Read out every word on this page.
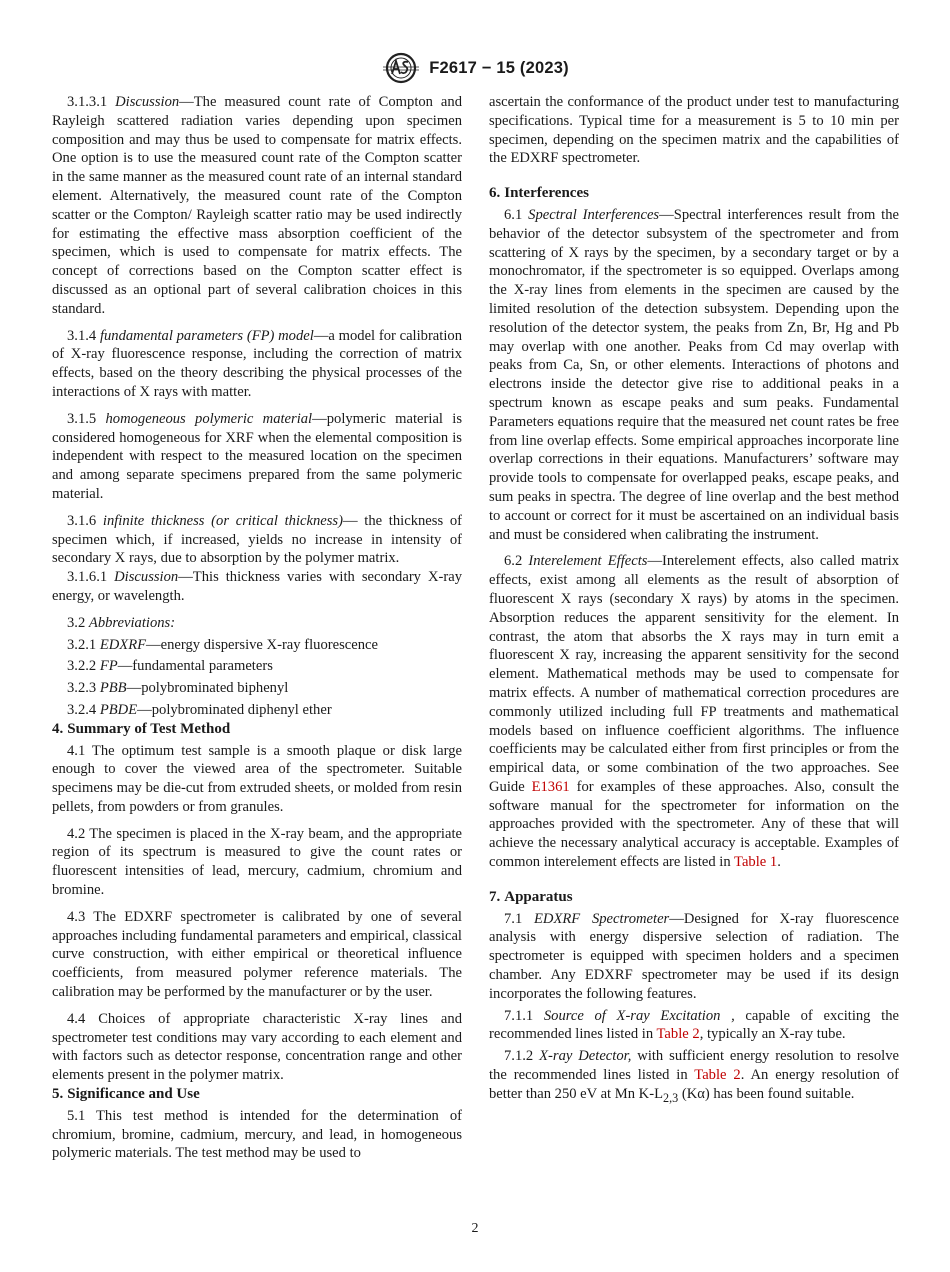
F2617 − 15 (2023)

3.1.3.1 Discussion—The measured count rate of Compton and Rayleigh scattered radiation varies depending upon specimen composition and may thus be used to compensate for matrix effects. One option is to use the measured count rate of the Compton scatter in the same manner as the measured count rate of an internal standard element. Alternatively, the measured count rate of the Compton scatter or the Compton/ Rayleigh scatter ratio may be used indirectly for estimating the effective mass absorption coefficient of the specimen, which is used to compensate for matrix effects. The concept of corrections based on the Compton scatter effect is discussed as an optional part of several calibration choices in this standard.

3.1.4 fundamental parameters (FP) model—a model for calibration of X-ray fluorescence response, including the correction of matrix effects, based on the theory describing the physical processes of the interactions of X rays with matter.

3.1.5 homogeneous polymeric material—polymeric material is considered homogeneous for XRF when the elemental composition is independent with respect to the measured location on the specimen and among separate specimens prepared from the same polymeric material.

3.1.6 infinite thickness (or critical thickness)— the thickness of specimen which, if increased, yields no increase in intensity of secondary X rays, due to absorption by the polymer matrix.

3.1.6.1 Discussion—This thickness varies with secondary X-ray energy, or wavelength.

3.2 Abbreviations:

3.2.1 EDXRF—energy dispersive X-ray fluorescence

3.2.2 FP—fundamental parameters

3.2.3 PBB—polybrominated biphenyl

3.2.4 PBDE—polybrominated diphenyl ether

4. Summary of Test Method

4.1 The optimum test sample is a smooth plaque or disk large enough to cover the viewed area of the spectrometer. Suitable specimens may be die-cut from extruded sheets, or molded from resin pellets, from powders or from granules.

4.2 The specimen is placed in the X-ray beam, and the appropriate region of its spectrum is measured to give the count rates or fluorescent intensities of lead, mercury, cadmium, chromium and bromine.

4.3 The EDXRF spectrometer is calibrated by one of several approaches including fundamental parameters and empirical, classical curve construction, with either empirical or theoretical influence coefficients, from measured polymer reference materials. The calibration may be performed by the manufacturer or by the user.

4.4 Choices of appropriate characteristic X-ray lines and spectrometer test conditions may vary according to each element and with factors such as detector response, concentration range and other elements present in the polymer matrix.

5. Significance and Use

5.1 This test method is intended for the determination of chromium, bromine, cadmium, mercury, and lead, in homogeneous polymeric materials. The test method may be used to

ascertain the conformance of the product under test to manufacturing specifications. Typical time for a measurement is 5 to 10 min per specimen, depending on the specimen matrix and the capabilities of the EDXRF spectrometer.

6. Interferences

6.1 Spectral Interferences—Spectral interferences result from the behavior of the detector subsystem of the spectrometer and from scattering of X rays by the specimen, by a secondary target or by a monochromator, if the spectrometer is so equipped. Overlaps among the X-ray lines from elements in the specimen are caused by the limited resolution of the detection subsystem. Depending upon the resolution of the detector system, the peaks from Zn, Br, Hg and Pb may overlap with one another. Peaks from Cd may overlap with peaks from Ca, Sn, or other elements. Interactions of photons and electrons inside the detector give rise to additional peaks in a spectrum known as escape peaks and sum peaks. Fundamental Parameters equations require that the measured net count rates be free from line overlap effects. Some empirical approaches incorporate line overlap corrections in their equations. Manufacturers’ software may provide tools to compensate for overlapped peaks, escape peaks, and sum peaks in spectra. The degree of line overlap and the best method to account or correct for it must be ascertained on an individual basis and must be considered when calibrating the instrument.

6.2 Interelement Effects—Interelement effects, also called matrix effects, exist among all elements as the result of absorption of fluorescent X rays (secondary X rays) by atoms in the specimen. Absorption reduces the apparent sensitivity for the element. In contrast, the atom that absorbs the X rays may in turn emit a fluorescent X ray, increasing the apparent sensitivity for the second element. Mathematical methods may be used to compensate for matrix effects. A number of mathematical correction procedures are commonly utilized including full FP treatments and mathematical models based on influence coefficient algorithms. The influence coefficients may be calculated either from first principles or from the empirical data, or some combination of the two approaches. See Guide E1361 for examples of these approaches. Also, consult the software manual for the spectrometer for information on the approaches provided with the spectrometer. Any of these that will achieve the necessary analytical accuracy is acceptable. Examples of common interelement effects are listed in Table 1.

7. Apparatus

7.1 EDXRF Spectrometer—Designed for X-ray fluorescence analysis with energy dispersive selection of radiation. The spectrometer is equipped with specimen holders and a specimen chamber. Any EDXRF spectrometer may be used if its design incorporates the following features.

7.1.1 Source of X-ray Excitation , capable of exciting the recommended lines listed in Table 2, typically an X-ray tube.

7.1.2 X-ray Detector, with sufficient energy resolution to resolve the recommended lines listed in Table 2. An energy resolution of better than 250 eV at Mn $K-L_{2,3}$ (Kα) has been found suitable.

2
